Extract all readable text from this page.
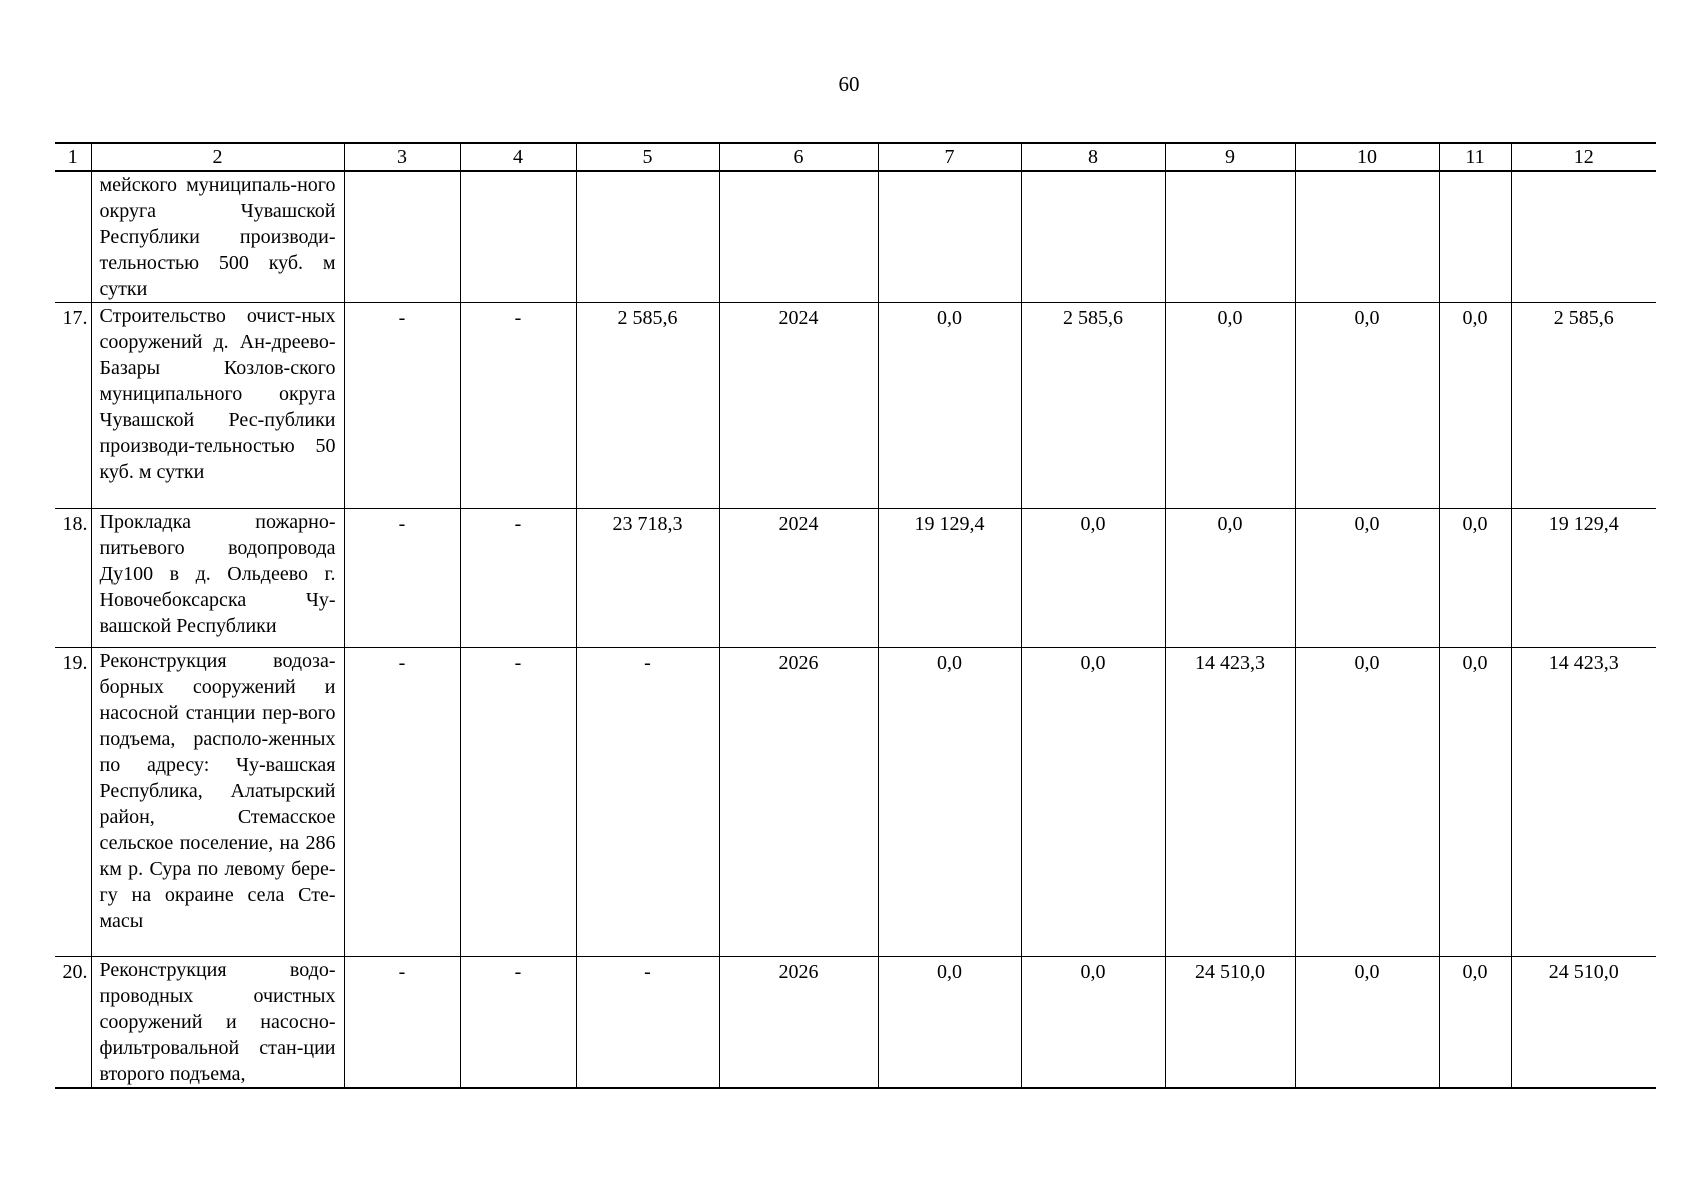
60
1	2	3	4	5	6	7	8	9	10	11	12
	мейского муниципаль-ного округа Чувашской Республики производи-тельностью 500 куб. м сутки										
17.	Строительство очист-ных сооружений д. Ан-дреево-Базары Козлов-ского муниципального округа Чувашской Рес-публики производи-тельностью 50 куб. м сутки	-	-	2 585,6	2024	0,0	2 585,6	0,0	0,0	0,0	2 585,6
18.	Прокладка пожарно-питьевого водопровода Ду100 в д. Ольдеево г. Новочебоксарска Чу-вашской Республики	-	-	23 718,3	2024	19 129,4	0,0	0,0	0,0	0,0	19 129,4
19.	Реконструкция водоза-борных сооружений и насосной станции пер-вого подъема, располо-женных по адресу: Чу-вашская Республика, Алатырский район, Стемасское сельское поселение, на 286 км р. Сура по левому бере-гу на окраине села Сте-масы	-	-	-	2026	0,0	0,0	14 423,3	0,0	0,0	14 423,3
20.	Реконструкция водо-проводных очистных сооружений и насосно-фильтровальной стан-ции второго подъема,	-	-	-	2026	0,0	0,0	24 510,0	0,0	0,0	24 510,0
